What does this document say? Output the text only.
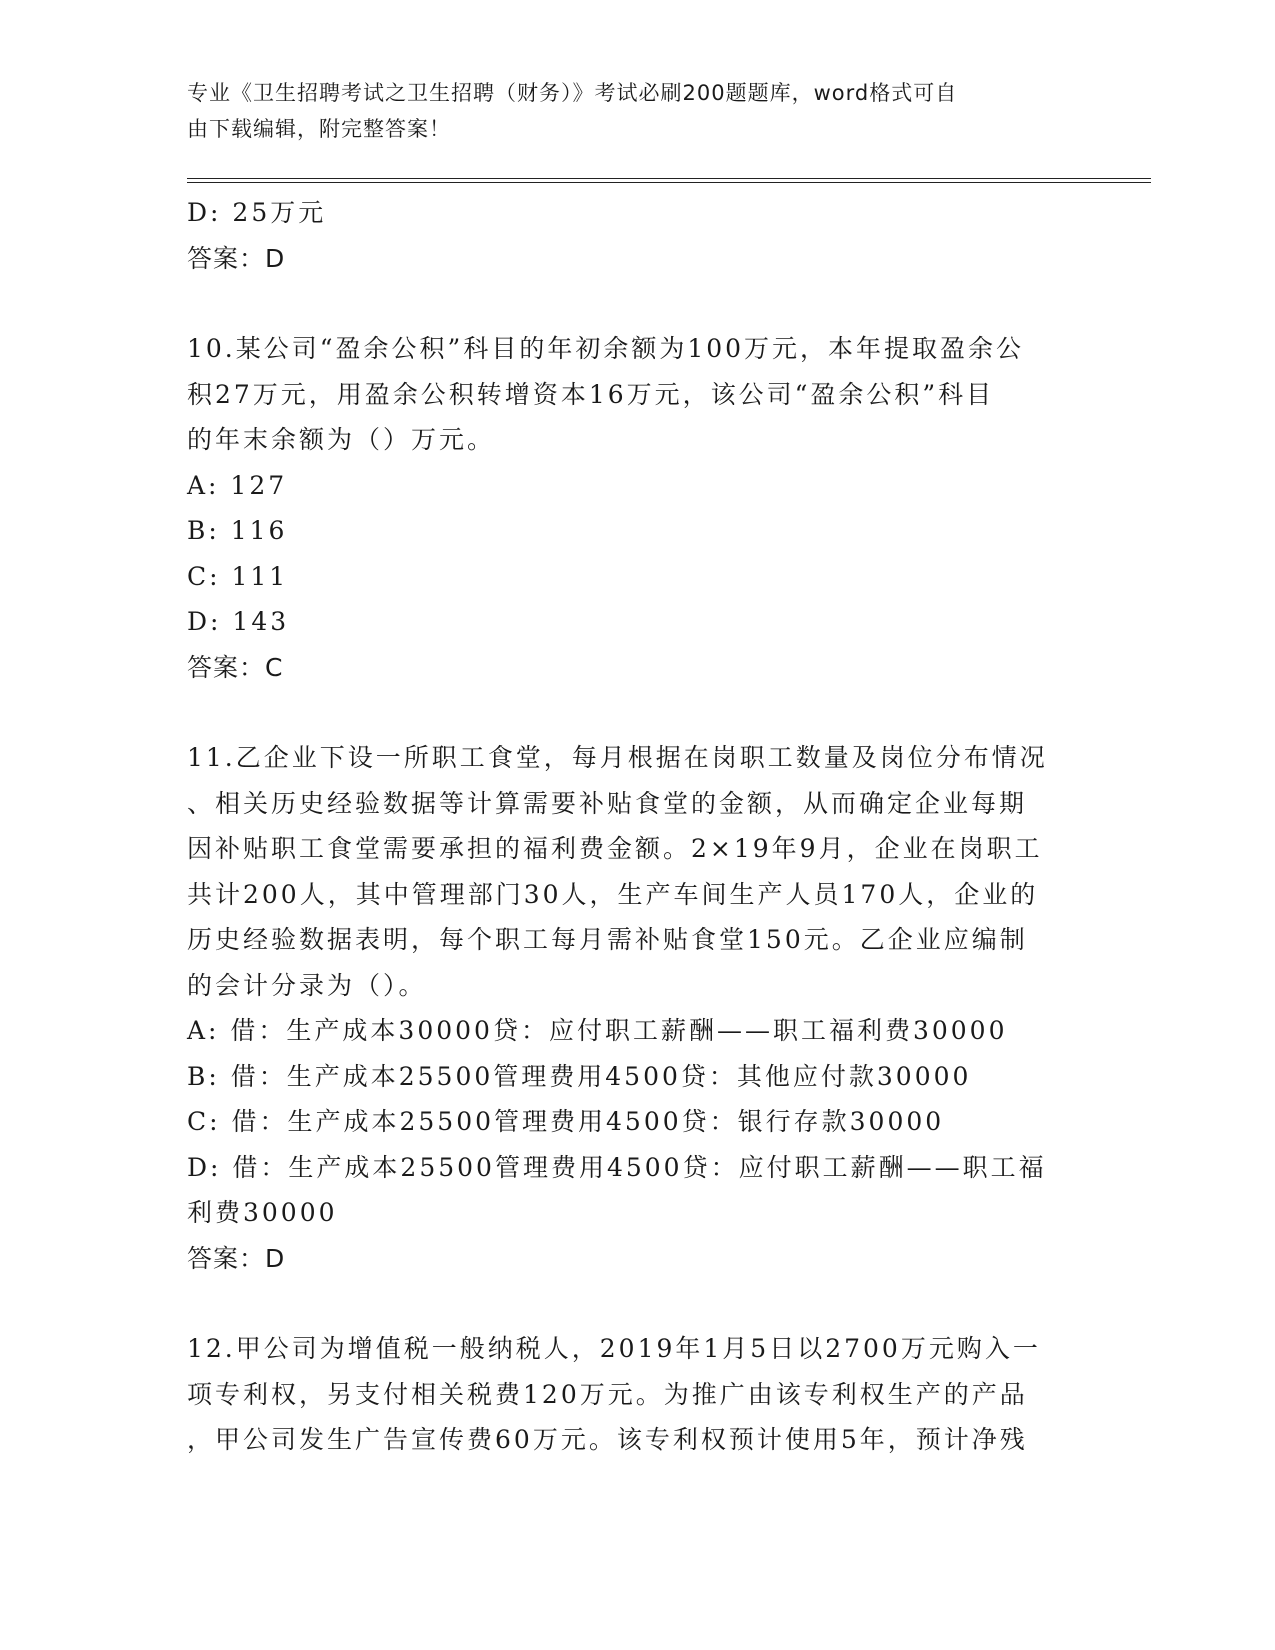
专业《卫生招聘考试之卫生招聘（财务）》考试必刷200题题库，word格式可自
由下载编辑，附完整答案！
D: 25万元
答案：D
10.某公司“盈余公积”科目的年初余额为100万元，本年提取盈余公
积27万元，用盈余公积转增资本16万元，该公司“盈余公积”科目
的年末余额为（）万元。
A: 127
B: 116
C: 111
D: 143
答案：C
11.乙企业下设一所职工食堂，每月根据在岗职工数量及岗位分布情况
、相关历史经验数据等计算需要补贴食堂的金额，从而确定企业每期
因补贴职工食堂需要承担的福利费金额。2×19年9月，企业在岗职工
共计200人，其中管理部门30人，生产车间生产人员170人，企业的
历史经验数据表明，每个职工每月需补贴食堂150元。乙企业应编制
的会计分录为（）。
A: 借：生产成本30000贷：应付职工薪酬——职工福利费30000
B: 借：生产成本25500管理费用4500贷：其他应付款30000
C: 借：生产成本25500管理费用4500贷：银行存款30000
D: 借：生产成本25500管理费用4500贷：应付职工薪酬——职工福
利费30000
答案：D
12.甲公司为增值税一般纳税人，2019年1月5日以2700万元购入一
项专利权，另支付相关税费120万元。为推广由该专利权生产的产品
，甲公司发生广告宣传费60万元。该专利权预计使用5年，预计净残
